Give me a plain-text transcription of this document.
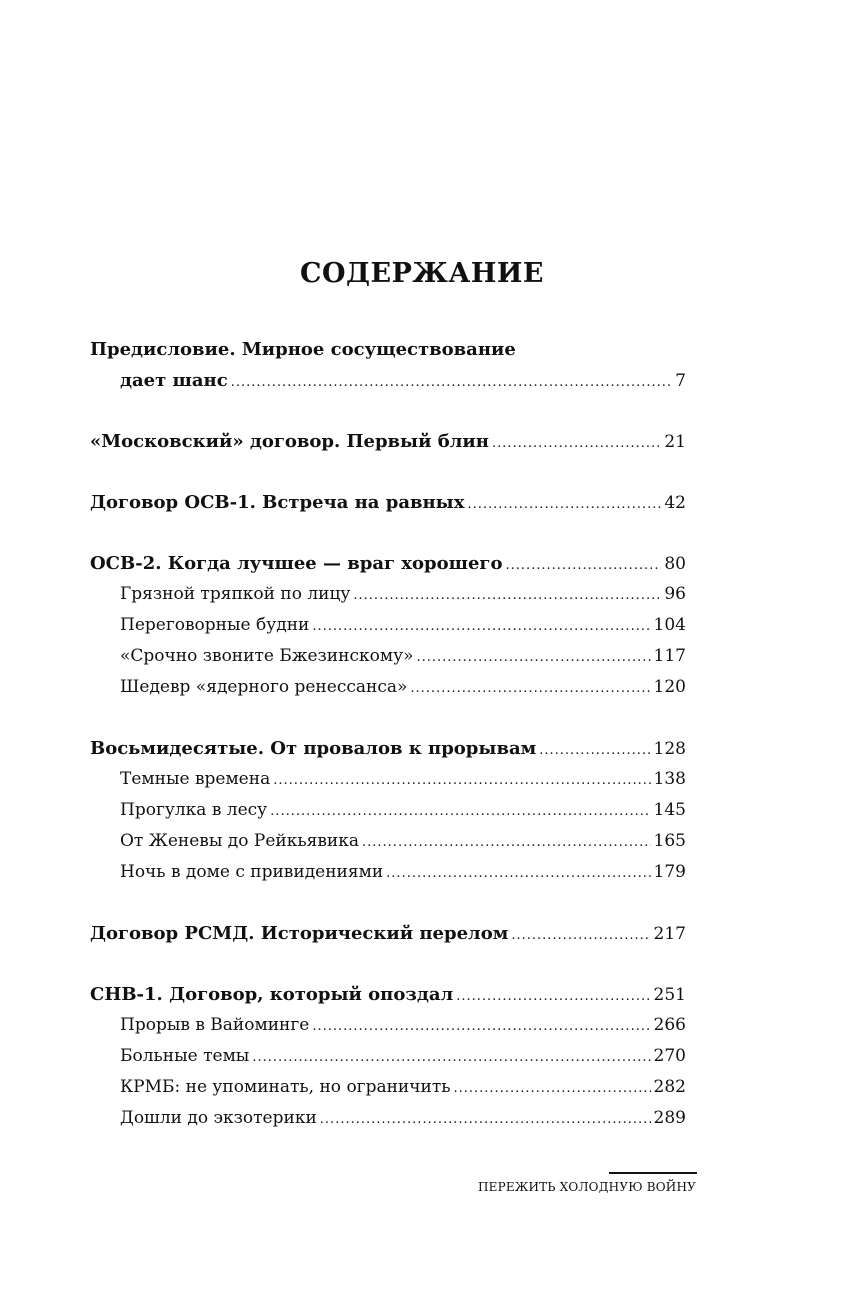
СОДЕРЖАНИЕ
Предисловие. Мирное сосуществование
дает шанс .....	7
«Московский» договор. Первый блин .....	21
Договор ОСВ-1. Встреча на равных .....	42
ОСВ-2. Когда лучшее — враг хорошего .....	80
Грязной тряпкой по лицу .....	96
Переговорные будни .....	104
«Срочно звоните Бжезинскому» .....	117
Шедевр «ядерного ренессанса» .....	120
Восьмидесятые. От провалов к прорывам .....	128
Темные времена .....	138
Прогулка в лесу .....	145
От Женевы до Рейкьявика .....	165
Ночь в доме с привидениями .....	179
Договор РСМД. Исторический перелом .....	217
СНВ-1. Договор, который опоздал .....	251
Прорыв в Вайоминге .....	266
Больные темы .....	270
КРМБ: не упоминать, но ограничить .....	282
Дошли до экзотерики .....	289
ПЕРЕЖИТЬ ХОЛОДНУЮ ВОЙНУ
